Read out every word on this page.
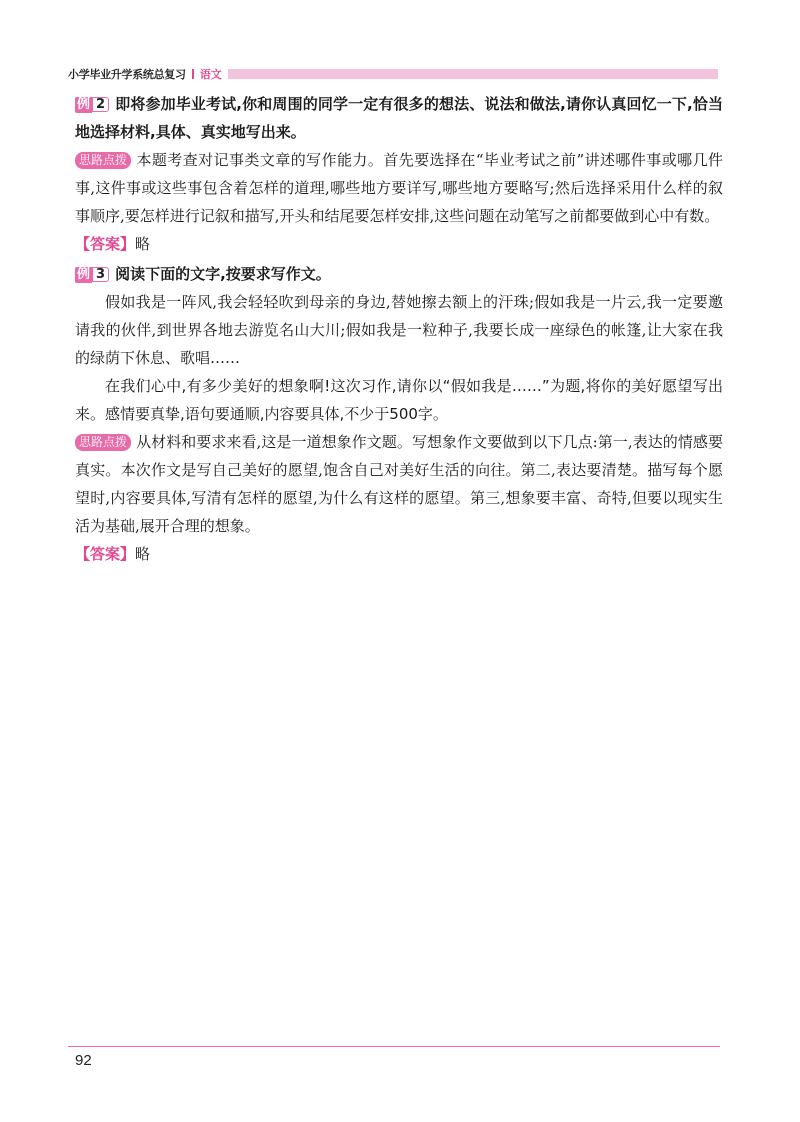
小学毕业升学系统总复习 语文

例 2 即将参加毕业考试,你和周围的同学一定有很多的想法、说法和做法,请你认真回忆一下,恰当地选择材料,具体、真实地写出来。

思路点拨 本题考查对记事类文章的写作能力。首先要选择在“毕业考试之前”讲述哪件事或哪几件事,这件事或这些事包含着怎样的道理,哪些地方要详写,哪些地方要略写;然后选择采用什么样的叙事顺序,要怎样进行记叙和描写,开头和结尾要怎样安排,这些问题在动笔写之前都要做到心中有数。

【答案】略

例 3 阅读下面的文字,按要求写作文。

假如我是一阵风,我会轻轻吹到母亲的身边,替她擦去额上的汗珠;假如我是一片云,我一定要邀请我的伙伴,到世界各地去游览名山大川;假如我是一粒种子,我要长成一座绿色的帐篷,让大家在我的绿荫下休息、歌唱……

在我们心中,有多少美好的想象啊!这次习作,请你以“假如我是……”为题,将你的美好愿望写出来。感情要真挚,语句要通顺,内容要具体,不少于500字。

思路点拨 从材料和要求来看,这是一道想象作文题。写想象作文要做到以下几点:第一,表达的情感要真实。本次作文是写自己美好的愿望,饱含自己对美好生活的向往。第二,表达要清楚。描写每个愿望时,内容要具体,写清有怎样的愿望,为什么有这样的愿望。第三,想象要丰富、奇特,但要以现实生活为基础,展开合理的想象。

【答案】略

92
